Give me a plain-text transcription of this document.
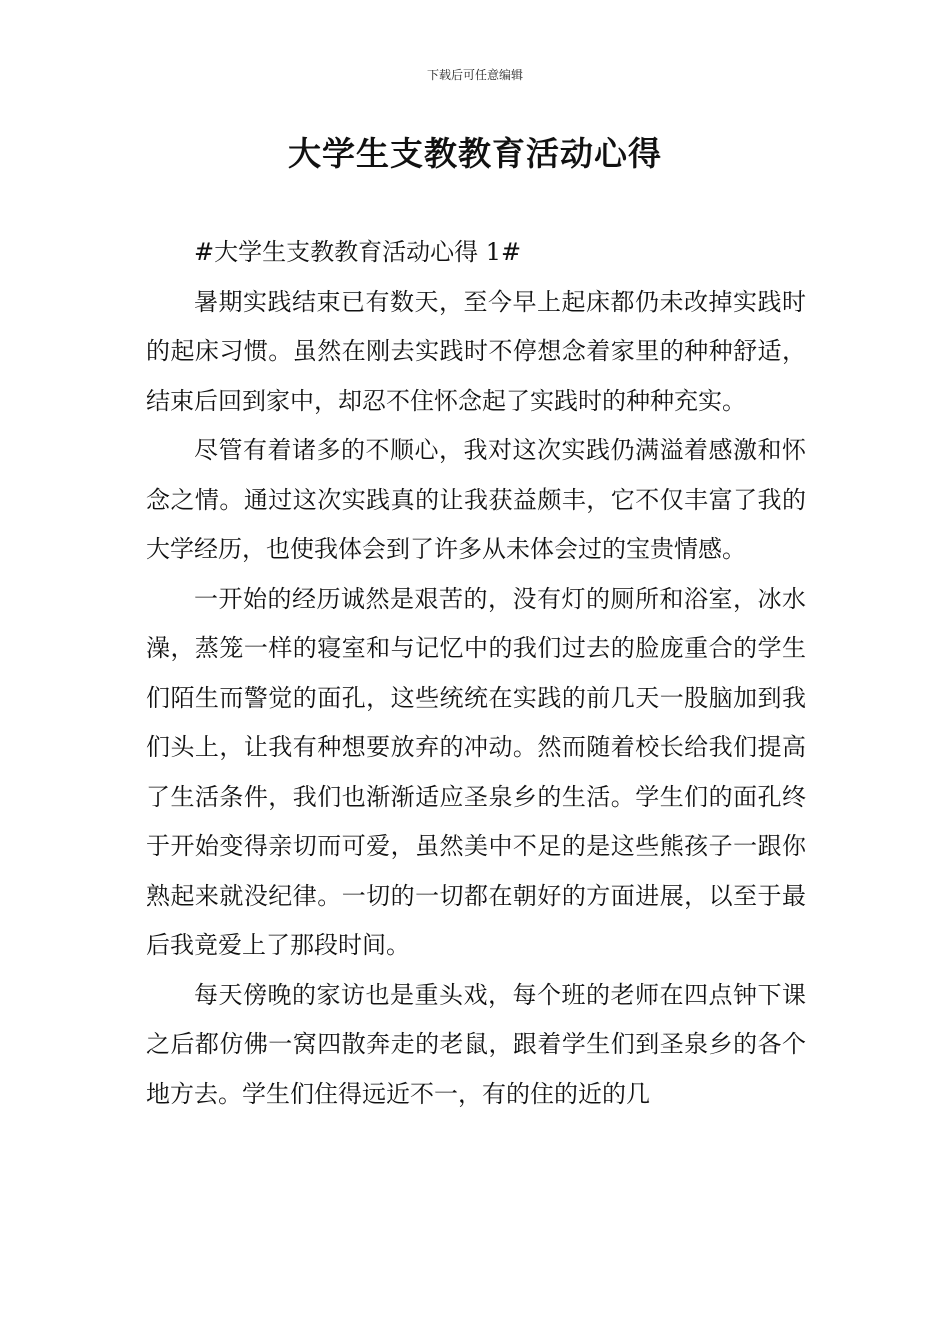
下载后可任意编辑
大学生支教教育活动心得

#大学生支教教育活动心得 1#

暑期实践结束已有数天，至今早上起床都仍未改掉实践时的起床习惯。虽然在刚去实践时不停想念着家里的种种舒适，结束后回到家中，却忍不住怀念起了实践时的种种充实。

尽管有着诸多的不顺心，我对这次实践仍满溢着感激和怀念之情。通过这次实践真的让我获益颇丰，它不仅丰富了我的大学经历，也使我体会到了许多从未体会过的宝贵情感。

一开始的经历诚然是艰苦的，没有灯的厕所和浴室，冰水澡，蒸笼一样的寝室和与记忆中的我们过去的脸庞重合的学生们陌生而警觉的面孔，这些统统在实践的前几天一股脑加到我们头上，让我有种想要放弃的冲动。然而随着校长给我们提高了生活条件，我们也渐渐适应圣泉乡的生活。学生们的面孔终于开始变得亲切而可爱，虽然美中不足的是这些熊孩子一跟你熟起来就没纪律。一切的一切都在朝好的方面进展，以至于最后我竟爱上了那段时间。

每天傍晚的家访也是重头戏，每个班的老师在四点钟下课之后都仿佛一窝四散奔走的老鼠，跟着学生们到圣泉乡的各个地方去。学生们住得远近不一，有的住的近的几
